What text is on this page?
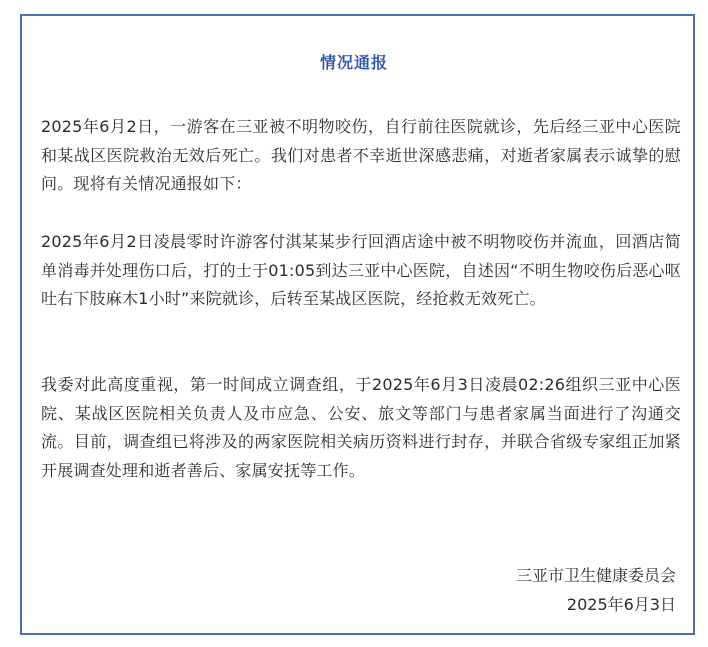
情况通报

2025年6月2日，一游客在三亚被不明物咬伤，自行前往医院就诊，先后经三亚中心医院和某战区医院救治无效后死亡。我们对患者不幸逝世深感悲痛，对逝者家属表示诚挚的慰问。现将有关情况通报如下：

2025年6月2日凌晨零时许游客付淇某某步行回酒店途中被不明物咬伤并流血，回酒店简单消毒并处理伤口后，打的士于01:05到达三亚中心医院，自述因“不明生物咬伤后恶心呕吐右下肢麻木1小时”来院就诊，后转至某战区医院，经抢救无效死亡。

我委对此高度重视，第一时间成立调查组，于2025年6月3日凌晨02:26组织三亚中心医院、某战区医院相关负责人及市应急、公安、旅文等部门与患者家属当面进行了沟通交流。目前，调查组已将涉及的两家医院相关病历资料进行封存，并联合省级专家组正加紧开展调查处理和逝者善后、家属安抚等工作。

三亚市卫生健康委员会
2025年6月3日
